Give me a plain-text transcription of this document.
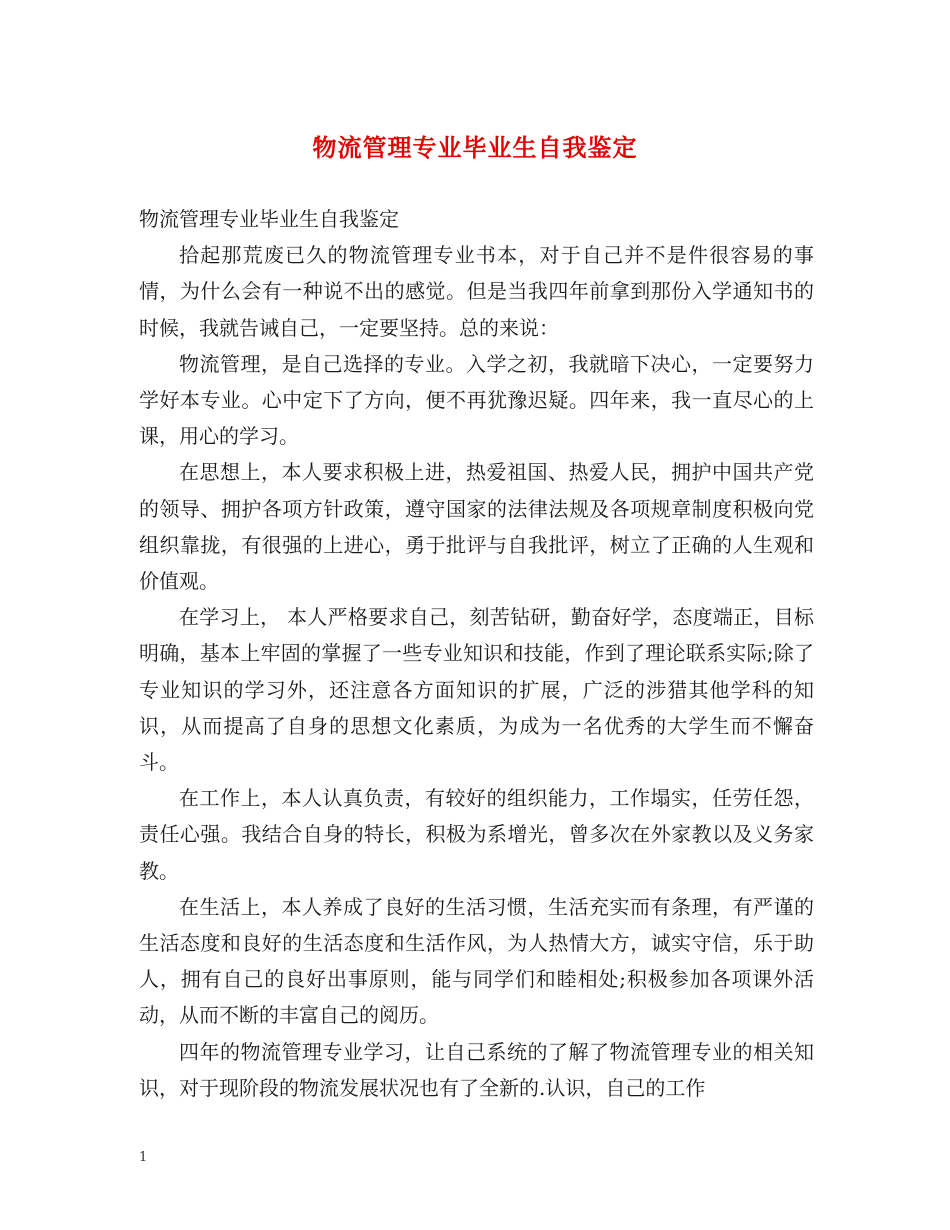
物流管理专业毕业生自我鉴定

物流管理专业毕业生自我鉴定

拾起那荒废已久的物流管理专业书本，对于自己并不是件很容易的事情，为什么会有一种说不出的感觉。但是当我四年前拿到那份入学通知书的时候，我就告诫自己，一定要坚持。总的来说：

物流管理，是自己选择的专业。入学之初，我就暗下决心，一定要努力学好本专业。心中定下了方向，便不再犹豫迟疑。四年来，我一直尽心的上课，用心的学习。

在思想上，本人要求积极上进，热爱祖国、热爱人民，拥护中国共产党的领导、拥护各项方针政策，遵守国家的法律法规及各项规章制度积极向党组织靠拢，有很强的上进心，勇于批评与自我批评，树立了正确的人生观和价值观。

在学习上， 本人严格要求自己，刻苦钻研，勤奋好学，态度端正，目标明确，基本上牢固的掌握了一些专业知识和技能，作到了理论联系实际;除了专业知识的学习外，还注意各方面知识的扩展，广泛的涉猎其他学科的知识，从而提高了自身的思想文化素质，为成为一名优秀的大学生而不懈奋斗。

在工作上，本人认真负责，有较好的组织能力，工作塌实，任劳任怨，责任心强。我结合自身的特长，积极为系增光，曾多次在外家教以及义务家教。

在生活上，本人养成了良好的生活习惯，生活充实而有条理，有严谨的生活态度和良好的生活态度和生活作风，为人热情大方，诚实守信，乐于助人，拥有自己的良好出事原则，能与同学们和睦相处;积极参加各项课外活动，从而不断的丰富自己的阅历。

四年的物流管理专业学习，让自己系统的了解了物流管理专业的相关知识，对于现阶段的物流发展状况也有了全新的.认识，自己的工作

1
